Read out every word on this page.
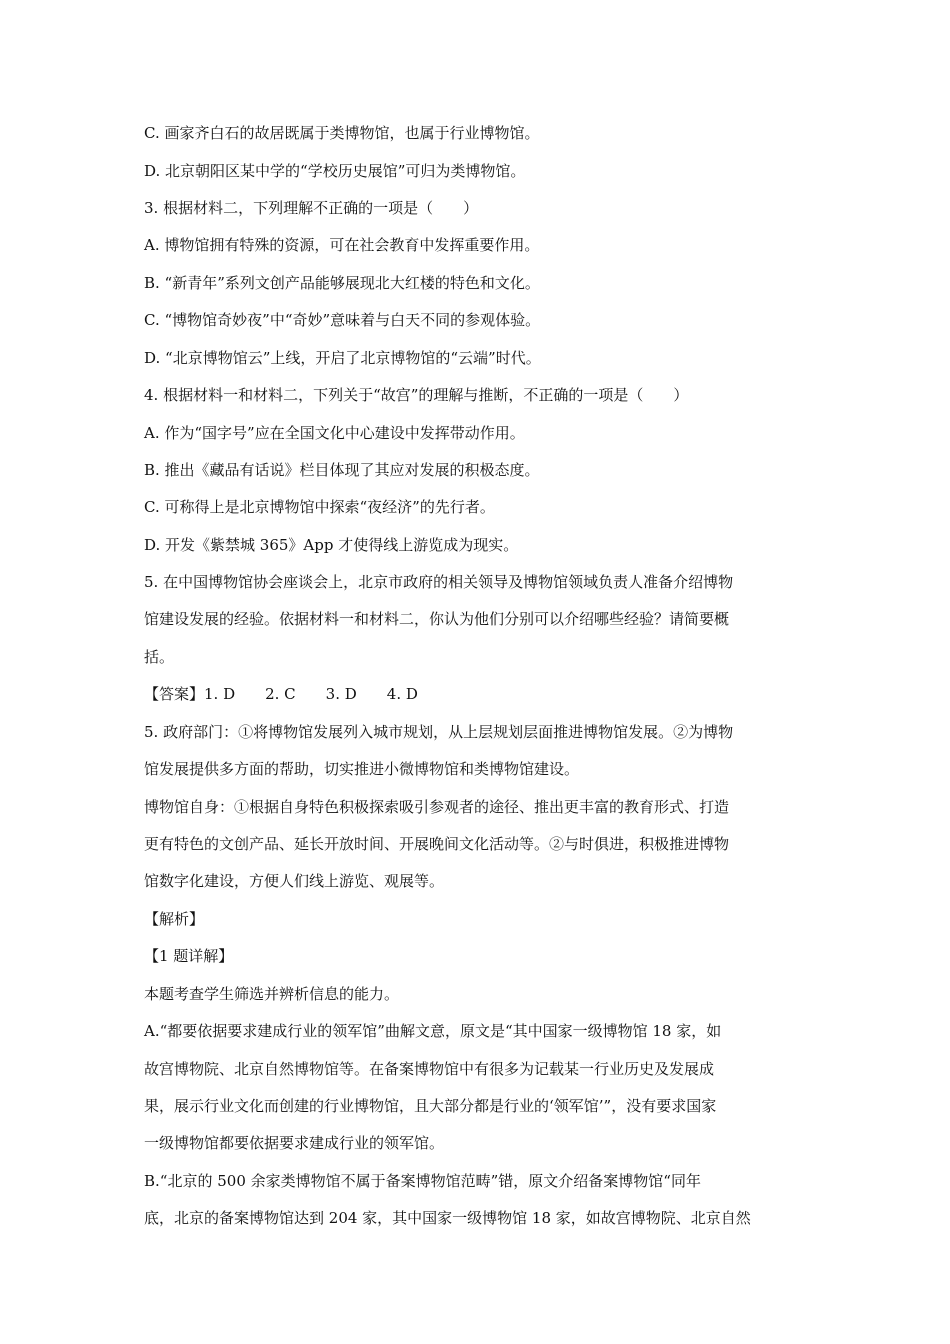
C. 画家齐白石的故居既属于类博物馆，也属于行业博物馆。
D. 北京朝阳区某中学的“学校历史展馆”可归为类博物馆。
3. 根据材料二，下列理解不正确的一项是（　　）
A. 博物馆拥有特殊的资源，可在社会教育中发挥重要作用。
B. “新青年”系列文创产品能够展现北大红楼的特色和文化。
C. “博物馆奇妙夜”中“奇妙”意味着与白天不同的参观体验。
D. “北京博物馆云”上线，开启了北京博物馆的“云端”时代。
4. 根据材料一和材料二，下列关于“故宫”的理解与推断，不正确的一项是（　　）
A. 作为“国字号”应在全国文化中心建设中发挥带动作用。
B. 推出《藏品有话说》栏目体现了其应对发展的积极态度。
C. 可称得上是北京博物馆中探索“夜经济”的先行者。
D. 开发《紫禁城 365》App 才使得线上游览成为现实。
5. 在中国博物馆协会座谈会上，北京市政府的相关领导及博物馆领域负责人准备介绍博物
馆建设发展的经验。依据材料一和材料二，你认为他们分别可以介绍哪些经验？请简要概
括。
【答案】1. D　　2. C　　3. D　　4. D
5. 政府部门：①将博物馆发展列入城市规划，从上层规划层面推进博物馆发展。②为博物
馆发展提供多方面的帮助，切实推进小微博物馆和类博物馆建设。
博物馆自身：①根据自身特色积极探索吸引参观者的途径、推出更丰富的教育形式、打造
更有特色的文创产品、延长开放时间、开展晚间文化活动等。②与时俱进，积极推进博物
馆数字化建设，方便人们线上游览、观展等。
【解析】
【1 题详解】
本题考查学生筛选并辨析信息的能力。
A.“都要依据要求建成行业的领军馆”曲解文意，原文是“其中国家一级博物馆 18 家，如
故宫博物院、北京自然博物馆等。在备案博物馆中有很多为记载某一行业历史及发展成
果，展示行业文化而创建的行业博物馆，且大部分都是行业的‘领军馆’”，没有要求国家
一级博物馆都要依据要求建成行业的领军馆。
B.“北京的 500 余家类博物馆不属于备案博物馆范畴”错，原文介绍备案博物馆“同年
底，北京的备案博物馆达到 204 家，其中国家一级博物馆 18 家，如故宫博物院、北京自然
